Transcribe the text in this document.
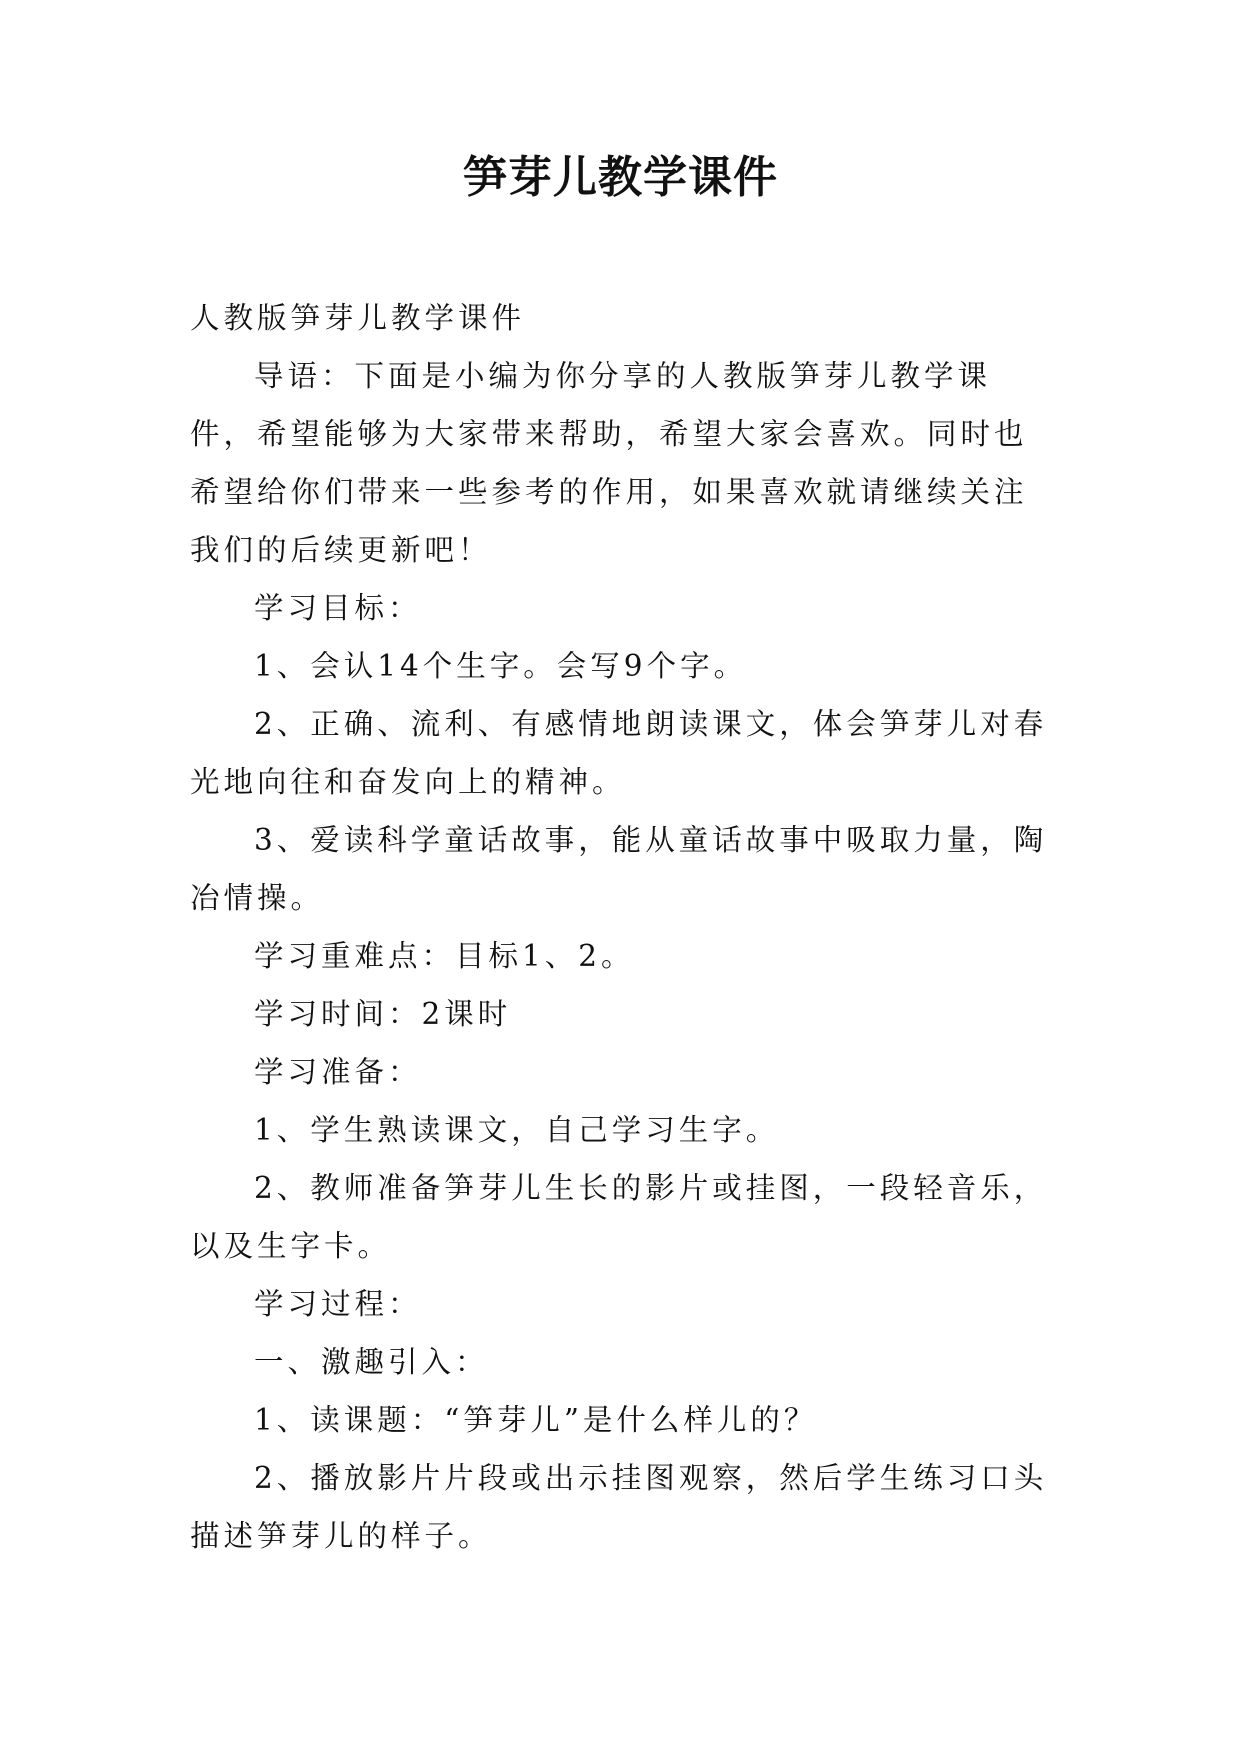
笋芽儿教学课件

人教版笋芽儿教学课件

导语：下面是小编为你分享的人教版笋芽儿教学课件，希望能够为大家带来帮助，希望大家会喜欢。同时也希望给你们带来一些参考的作用，如果喜欢就请继续关注我们的后续更新吧！

学习目标：

1、会认14个生字。会写9个字。

2、正确、流利、有感情地朗读课文，体会笋芽儿对春光地向往和奋发向上的精神。

3、爱读科学童话故事，能从童话故事中吸取力量，陶冶情操。

学习重难点：目标1、2。

学习时间：2课时

学习准备：

1、学生熟读课文，自己学习生字。

2、教师准备笋芽儿生长的影片或挂图，一段轻音乐，以及生字卡。

学习过程：

一、激趣引入：

1、读课题：“笋芽儿”是什么样儿的？

2、播放影片片段或出示挂图观察，然后学生练习口头描述笋芽儿的样子。
